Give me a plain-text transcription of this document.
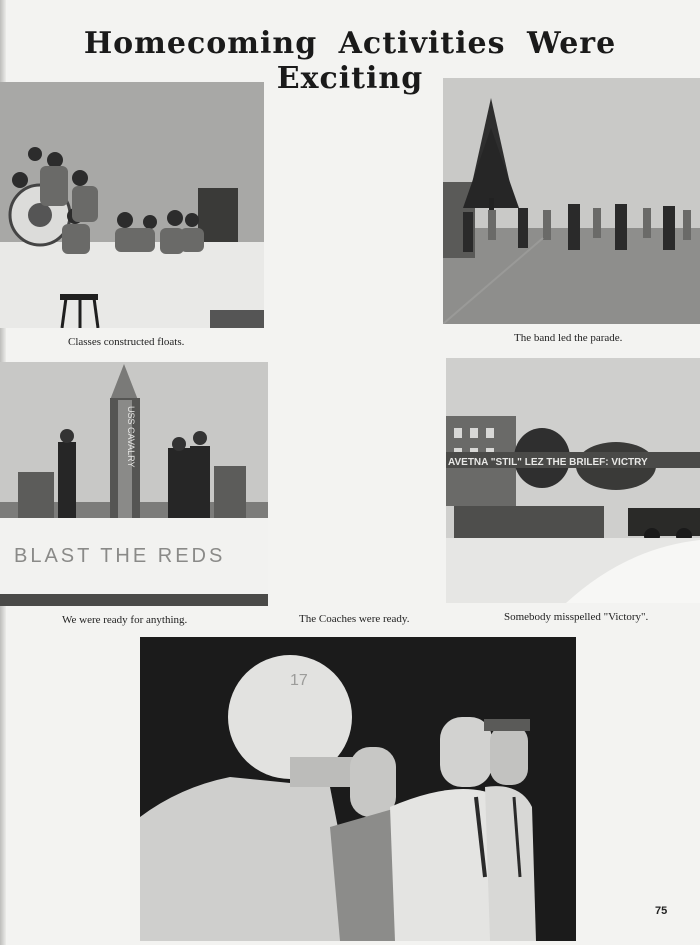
Homecoming Activities Were Exciting
Classes constructed floats.	The band led the parade.
BLAST THE REDS
USS CAVALRY
We were ready for anything.	The Coaches were ready.
AVETNA "STIL" LEZ THE BRILEF: VICTRY
Somebody misspelled "Victory".
17
75
